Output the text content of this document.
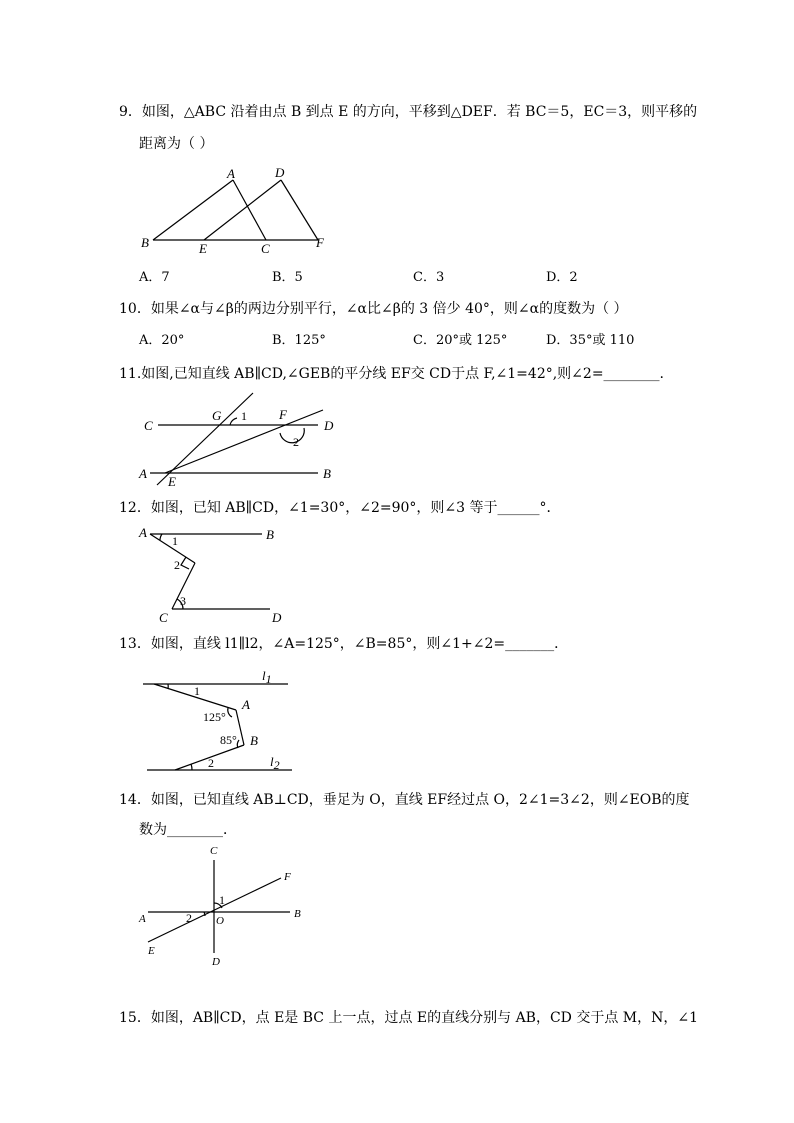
9．如图，△ABC 沿着由点 B 到点 E 的方向，平移到△DEF．若 BC＝5，EC＝3，则平移的
距离为（ ）
A	D
B	E	C	F
A．7	B．5	C．3	D．2
10．如果∠α与∠β的两边分别平行，∠α比∠β的 3 倍少 40°，则∠α的度数为（ ）
A．20°	B．125°	C．20°或 125°	D．35°或 110
11.如图,已知直线 AB∥CD,∠GEB的平分线 EF交 CD于点 F,∠1=42°,则∠2=________.
C	D
G 1 F
2
A	B
E
12．如图，已知 AB∥CD，∠1=30°，∠2=90°，则∠3 等于______°．
A	B
1
2
3
C	D
13．如图，直线 l1∥l2，∠A=125°，∠B=85°，则∠1+∠2=_______．
l1
1
A
125°
85° B
2	l2
14．如图，已知直线 AB⊥CD，垂足为 O，直线 EF经过点 O，2∠1=3∠2，则∠EOB的度
数为________．
C
F
1
A	2 O
B
E
D
15．如图，AB∥CD，点 E是 BC 上一点，过点 E的直线分别与 AB，CD 交于点 M，N，∠1
